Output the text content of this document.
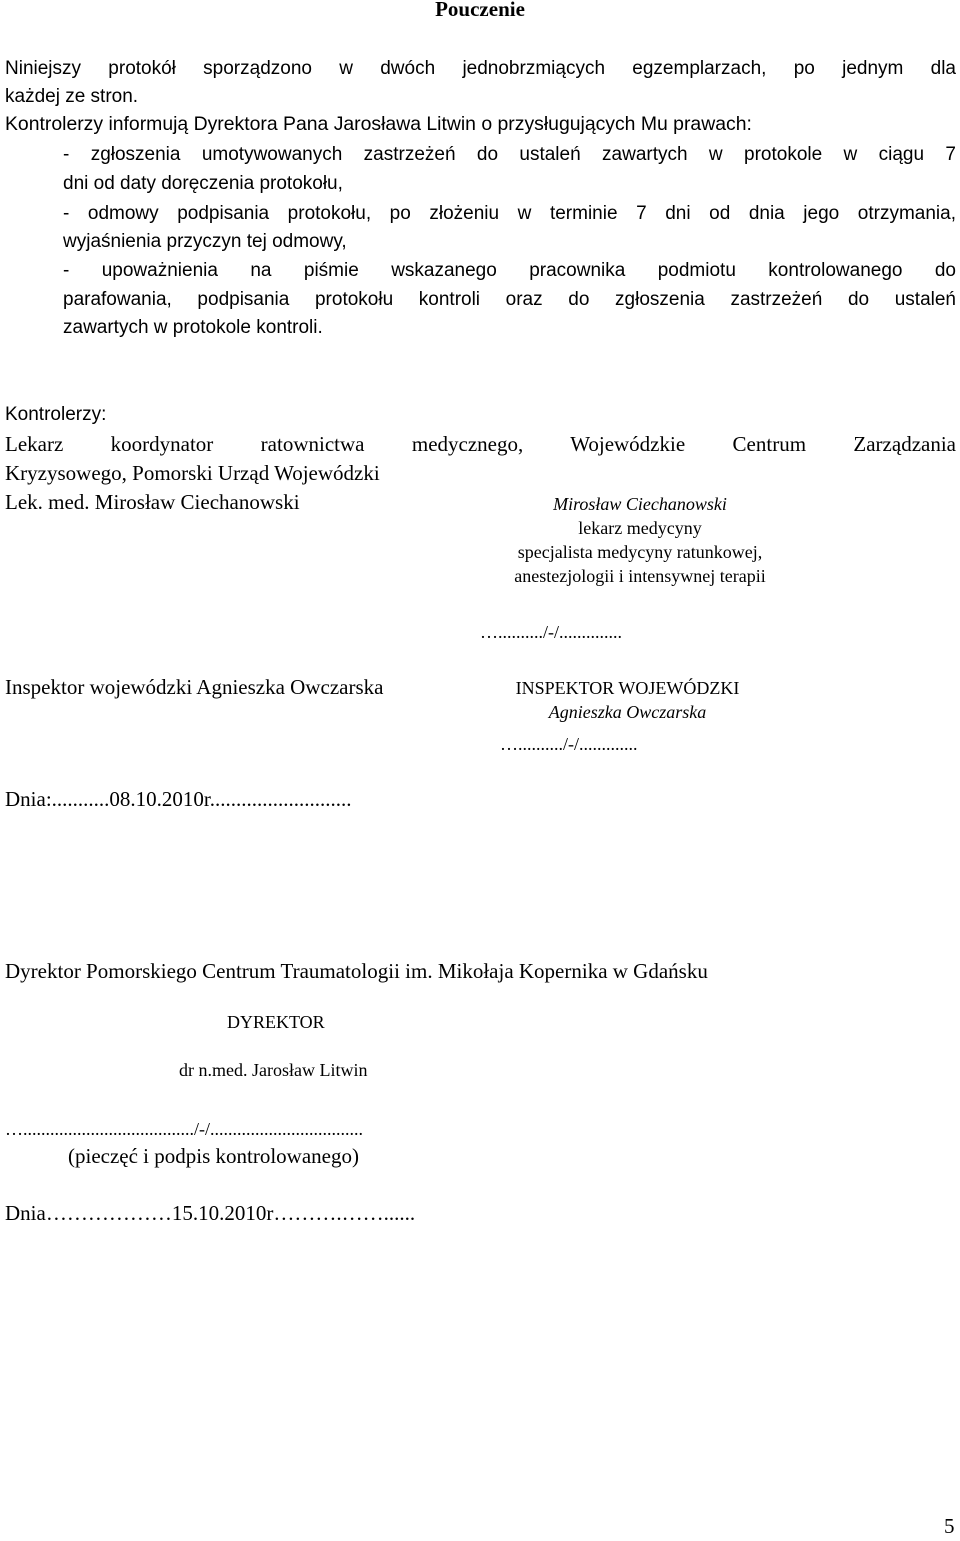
Pouczenie
Niniejszy protokół sporządzono w dwóch jednobrzmiących egzemplarzach, po jednym dla
każdej ze stron.
Kontrolerzy informują Dyrektora Pana Jarosława Litwin o przysługujących Mu prawach:
- zgłoszenia umotywowanych zastrzeżeń do ustaleń zawartych w protokole w ciągu 7
dni od daty doręczenia protokołu,
- odmowy podpisania protokołu, po złożeniu w terminie 7 dni od dnia jego otrzymania,
wyjaśnienia przyczyn tej odmowy,
- upoważnienia na piśmie wskazanego pracownika podmiotu kontrolowanego do
parafowania, podpisania protokołu kontroli oraz do zgłoszenia zastrzeżeń do ustaleń
zawartych w protokole kontroli.
Kontrolerzy:
Lekarz koordynator ratownictwa medycznego, Wojewódzkie Centrum Zarządzania
Kryzysowego, Pomorski Urząd Wojewódzki
Lek. med. Mirosław Ciechanowski	Mirosław Ciechanowski
lekarz medycyny
specjalista medycyny ratunkowej,
anestezjologii i intensywnej terapii
…........../-/..............
Inspektor wojewódzki Agnieszka Owczarska	INSPEKTOR WOJEWÓDZKI
Agnieszka Owczarska
…........../-/.............
Dnia:...........08.10.2010r...........................
Dyrektor Pomorskiego Centrum Traumatologii im. Mikołaja Kopernika w Gdańsku
DYREKTOR
dr n.med. Jarosław Litwin
…....................................../-/..................................
(pieczęć i podpis kontrolowanego)
Dnia………………15.10.2010r……….……......
5
